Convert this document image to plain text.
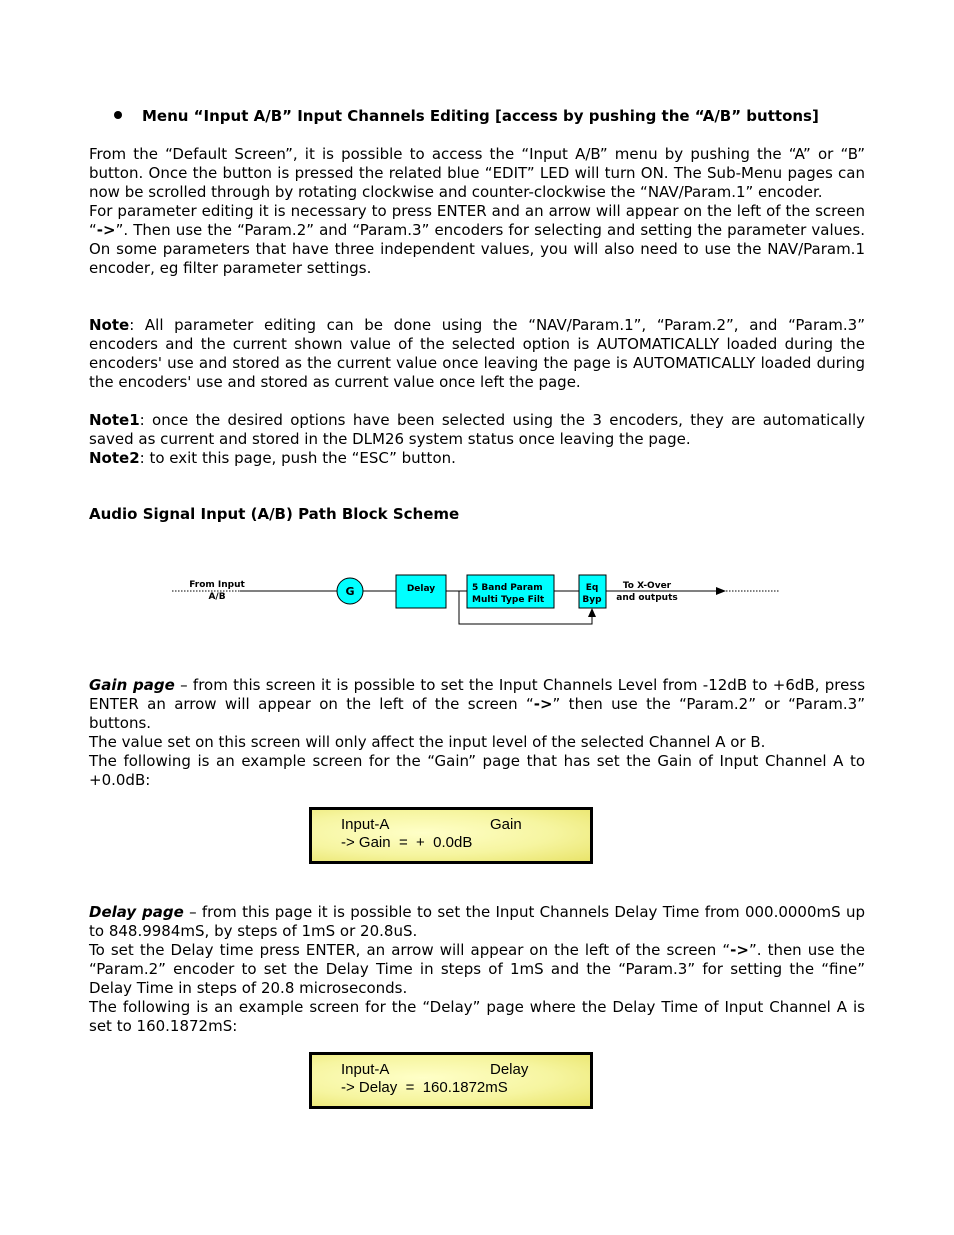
Menu “Input A/B” Input Channels Editing [access by pushing the “A/B” buttons]

From the “Default Screen”, it is possible to access the “Input A/B” menu by pushing the “A” or “B” button. Once the button is pressed the related blue “EDIT” LED will turn ON. The Sub-Menu pages can now be scrolled through by rotating clockwise and counter-clockwise the “NAV/Param.1” encoder.

For parameter editing it is necessary to press ENTER and an arrow will appear on the left of the screen “->”. Then use the “Param.2” and “Param.3” encoders for selecting and setting the parameter values. On some parameters that have three independent values, you will also need to use the NAV/Param.1 encoder, eg filter parameter settings.

Note: All parameter editing can be done using the “NAV/Param.1”, “Param.2”, and “Param.3” encoders and the current shown value of the selected option is AUTOMATICALLY loaded during the encoders' use and stored as the current value once leaving the page is AUTOMATICALLY loaded during the encoders' use and stored as current value once left the page.

Note1: once the desired options have been selected using the 3 encoders, they are automatically saved as current and stored in the DLM26 system status once leaving the page.

Note2: to exit this page, push the “ESC” button.

Audio Signal Input (A/B) Path Block Scheme
From Input
A/B	G	Delay	5 Band Param
Multi Type Filt
Eq
Byp
To X-Over
and outputs

Gain page – from this screen it is possible to set the Input Channels Level from -12dB to +6dB, press ENTER an arrow will appear on the left of the screen “->” then use the “Param.2” or “Param.3” buttons.

The value set on this screen will only affect the input level of the selected Channel A or B.

The following is an example screen for the “Gain” page that has set the Gain of Input Channel A to +0.0dB:

Input-A	Gain
-> Gain  =  +  0.0dB

Delay page – from this page it is possible to set the Input Channels Delay Time from 000.0000mS up to 848.9984mS, by steps of 1mS or 20.8uS.

To set the Delay time press ENTER, an arrow will appear on the left of the screen “->”. then use the “Param.2” encoder to set the Delay Time in steps of 1mS and the “Param.3” for setting the “fine” Delay Time in steps of 20.8 microseconds.

The following is an example screen for the “Delay” page where the Delay Time of Input Channel A is set to 160.1872mS:

Input-A	Delay
-> Delay  =  160.1872mS
